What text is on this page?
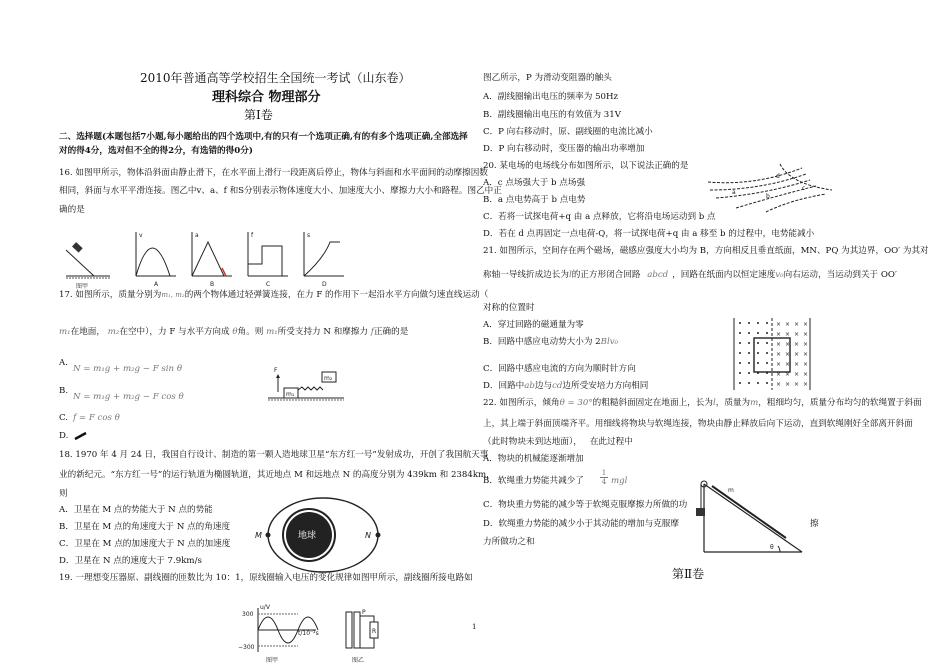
2010年普通高等学校招生全国统一考试（山东卷）
理科综合 物理部分
第Ⅰ卷
二、选择题(本题包括7小题,每小题给出的四个选项中,有的只有一个选项正确,有的有多个选项正确,全部选择对的得4分，选对但不全的得2分，有选错的得0分)
16. 如图甲所示，物体沿斜面由静止滑下，在水平面上滑行一段距离后停止，物体与斜面和水平面间的动摩擦因数
相同，斜面与水平平滑连接。图乙中v、a、f 和S分别表示物体速度大小、加速度大小、摩擦力大小和路程。图乙中正
确的是
图甲
v
A
a
B
f
C
s
D
17. 如图所示，质量分别为m₁, m₂的两个物体通过轻弹簧连接，在力 F 的作用下一起沿水平方向做匀速直线运动（
m₁在地面， m₂在空中），力 F 与水平方向成 θ角。则 m₁所受支持力 N 和摩擦力 f正确的是
A.
N = m₁g + m₂g − F sin θ
B.
N = m₁g + m₂g − F cos θ
C. f = F cos θ
D.
m₁
m₂
F
18. 1970 年 4 月 24 日，我国自行设计、制造的第一颗人造地球卫星“东方红一号”发射成功，开创了我国航天事
业的新纪元。“东方红一号”的运行轨道为椭圆轨道，其近地点 M 和远地点 N 的高度分别为 439km 和 2384km，
则
A．卫星在 M 点的势能大于 N 点的势能
B．卫星在 M 点的角速度大于 N 点的角速度
C．卫星在 M 点的加速度大于 N 点的加速度
D．卫星在 N 点的速度大于 7.9km/s
地球
M	N
19. 一理想变压器原、副线圈的匝数比为 10：1，原线圈输入电压的变化规律如图甲所示，副线圈所接电路如
u/V
300
−300
t/10⁻²s
图甲
R
P
图乙
图乙所示，P 为滑动变阻器的触头
A．副线圈输出电压的频率为 50Hz
B．副线圈输出电压的有效值为 31V
C．P 向右移动时，原、副线圈的电流比减小
D．P 向右移动时，变压器的输出功率增加
20. 某电场的电场线分布如图所示，以下说法正确的是
A．c 点场强大于 b 点场强
B．a 点电势高于 b 点电势
C．若将一试探电荷+q 由 a 点释放，它将沿电场运动到 b 点
D．若在 d 点再固定一点电荷-Q，将一试探电荷+q 由 a 移至 b 的过程中，电势能减小
a
b
c
d
21. 如图所示，空间存在两个磁场，磁感应强度大小均为 B，方向相反且垂直纸面，MN、PQ 为其边界，OO′ 为其对
称轴一导线折成边长为l的正方形闭合回路 abcd ，回路在纸面内以恒定速度v₀向右运动，当运动到关于 OO′
对称的位置时
A．穿过回路的磁通量为零
B．回路中感应电动势大小为 2Blv₀
C．回路中感应电流的方向为顺时针方向
D．回路中ab边与cd边所受安培力方向相同
× × × ×
× × × ×
× × × ×
× × × ×
× × × ×
× × × ×
× × × ×
22. 如图所示，倾角θ = 30°的粗糙斜面固定在地面上，长为l，质量为m，粗细均匀，质量分布均匀的软绳置于斜面
上，其上端于斜面顶端齐平。用细线将物块与软绳连接，物块由静止释放后向下运动，直到软绳刚好全部离开斜面
（此时物块未到达地面）， 在此过程中
A．物块的机械能逐渐增加
B．软绳重力势能共减少了
1
4 mgl
C．物块重力势能的减少等于软绳克服摩擦力所做的功
D．软绳重力势能的减少小于其动能的增加与克服摩	擦
力所做功之和
m
θ
第Ⅱ卷
1
